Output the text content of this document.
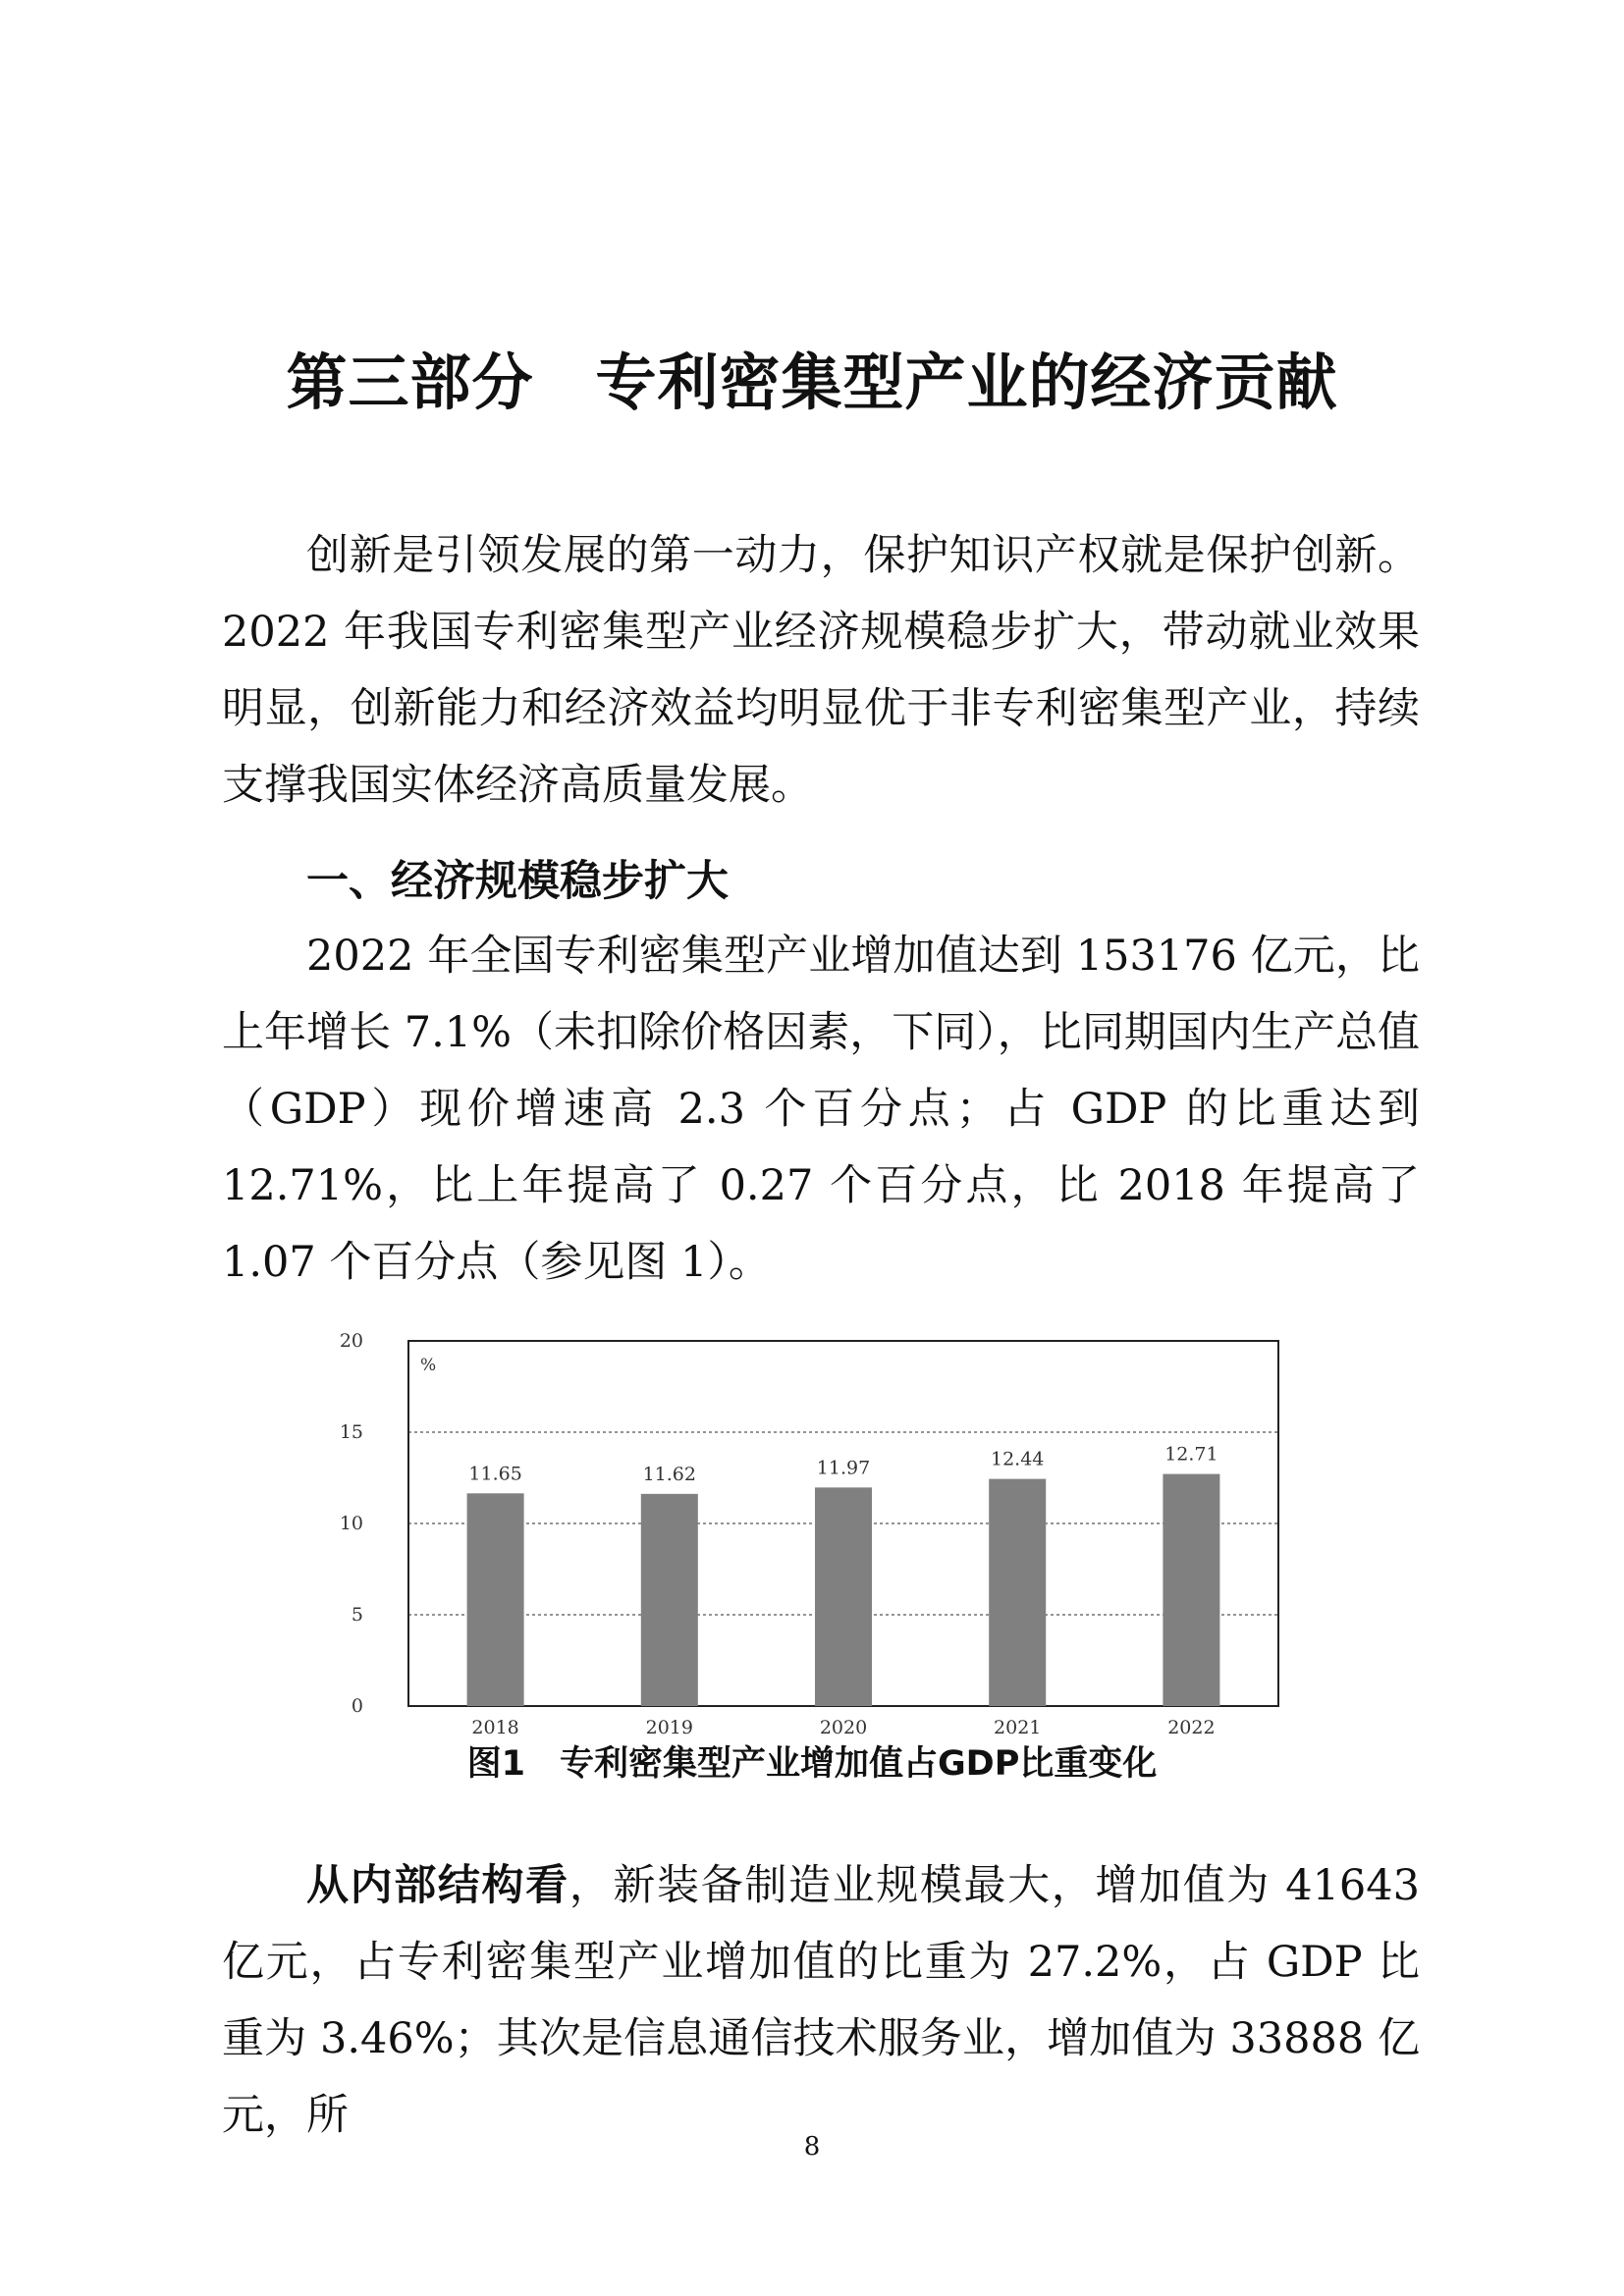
第三部分　专利密集型产业的经济贡献

创新是引领发展的第一动力，保护知识产权就是保护创新。2022 年我国专利密集型产业经济规模稳步扩大，带动就业效果明显，创新能力和经济效益均明显优于非专利密集型产业，持续支撑我国实体经济高质量发展。

一、经济规模稳步扩大

2022 年全国专利密集型产业增加值达到 153176 亿元，比上年增长 7.1%（未扣除价格因素，下同），比同期国内生产总值（GDP）现价增速高 2.3 个百分点；占 GDP 的比重达到 12.71%，比上年提高了 0.27 个百分点，比 2018 年提高了 1.07 个百分点（参见图 1）。

0
5
10
15
20
%
11.65
2018
11.62
2019
11.97
2020
12.44
2021
12.71
2022

图1　专利密集型产业增加值占GDP比重变化

从内部结构看，新装备制造业规模最大，增加值为 41643 亿元，占专利密集型产业增加值的比重为 27.2%，占 GDP 比重为 3.46%；其次是信息通信技术服务业，增加值为 33888 亿元，所

8
